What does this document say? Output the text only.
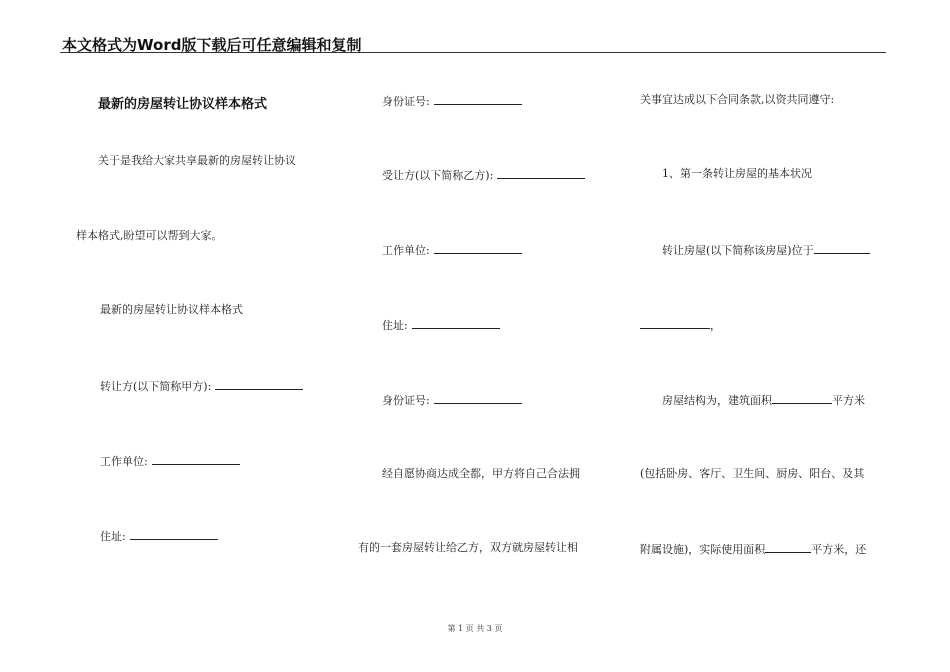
本文格式为Word版下载后可任意编辑和复制
最新的房屋转让协议样本格式
关于是我给大家共享最新的房屋转让协议
样本格式,盼望可以帮到大家。
最新的房屋转让协议样本格式
转让方(以下简称甲方):
工作单位:
住址:
身份证号:
受让方(以下简称乙方):
工作单位:
住址:
身份证号:
经自愿协商达成全都，甲方将自己合法拥
有的一套房屋转让给乙方，双方就房屋转让相
关事宜达成以下合同条款,以资共同遵守:
1、第一条转让房屋的基本状况
转让房屋(以下简称该房屋)位于
，
房屋结构为，建筑面积	平方米
(包括卧房、客厅、卫生间、厨房、阳台、及其
附属设施)，实际使用面积	平方米，还
第 1 页 共 3 页
